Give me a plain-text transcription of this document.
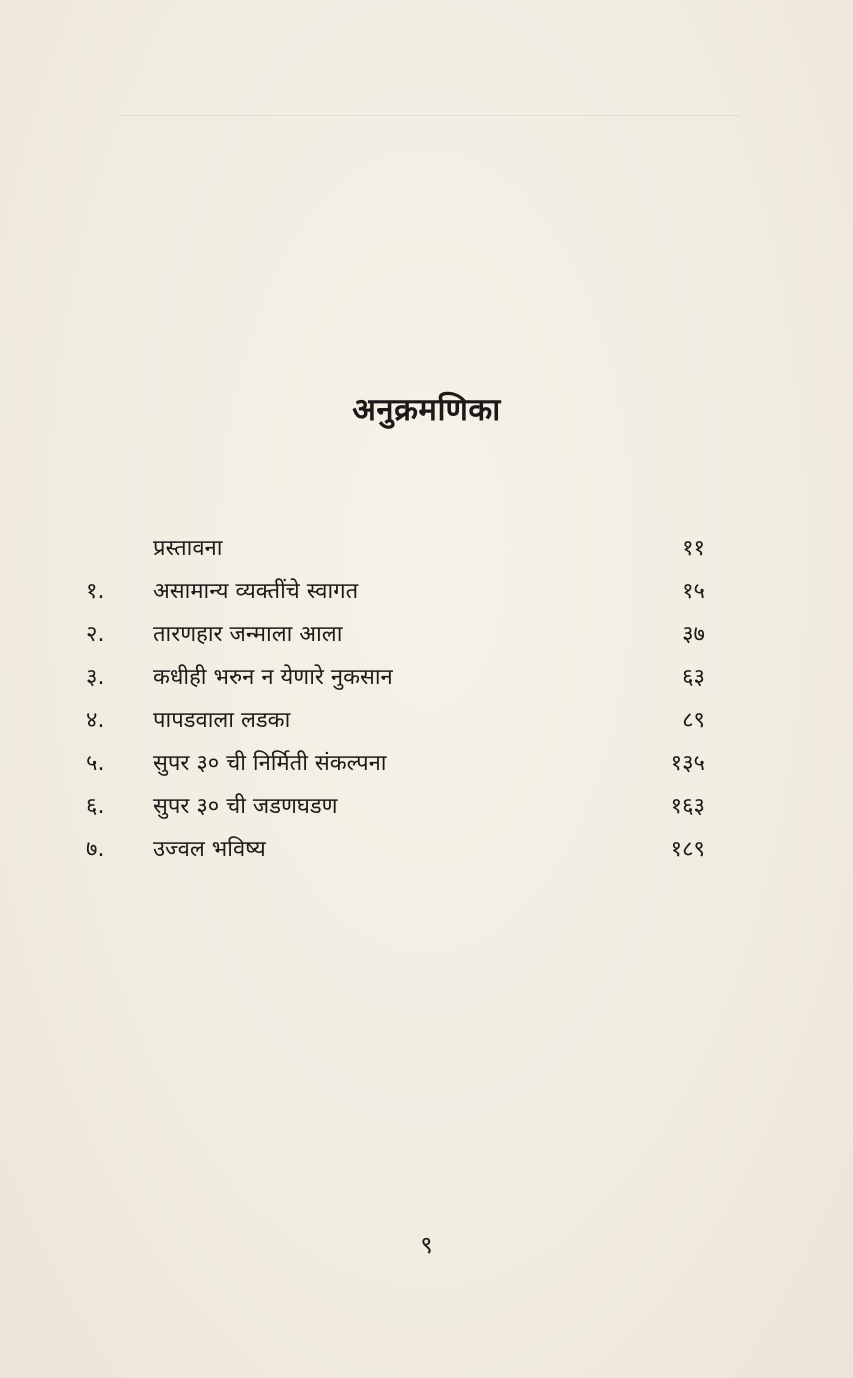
अनुक्रमणिका
प्रस्तावना	११
१.	असामान्य व्यक्तींचे स्वागत	१५
२.	तारणहार जन्माला आला	३७
३.	कधीही भरुन न येणारे नुकसान	६३
४.	पापडवाला लडका	८९
५.	सुपर ३० ची निर्मिती संकल्पना	१३५
६.	सुपर ३० ची जडणघडण	१६३
७.	उज्वल भविष्य	१८९
९
